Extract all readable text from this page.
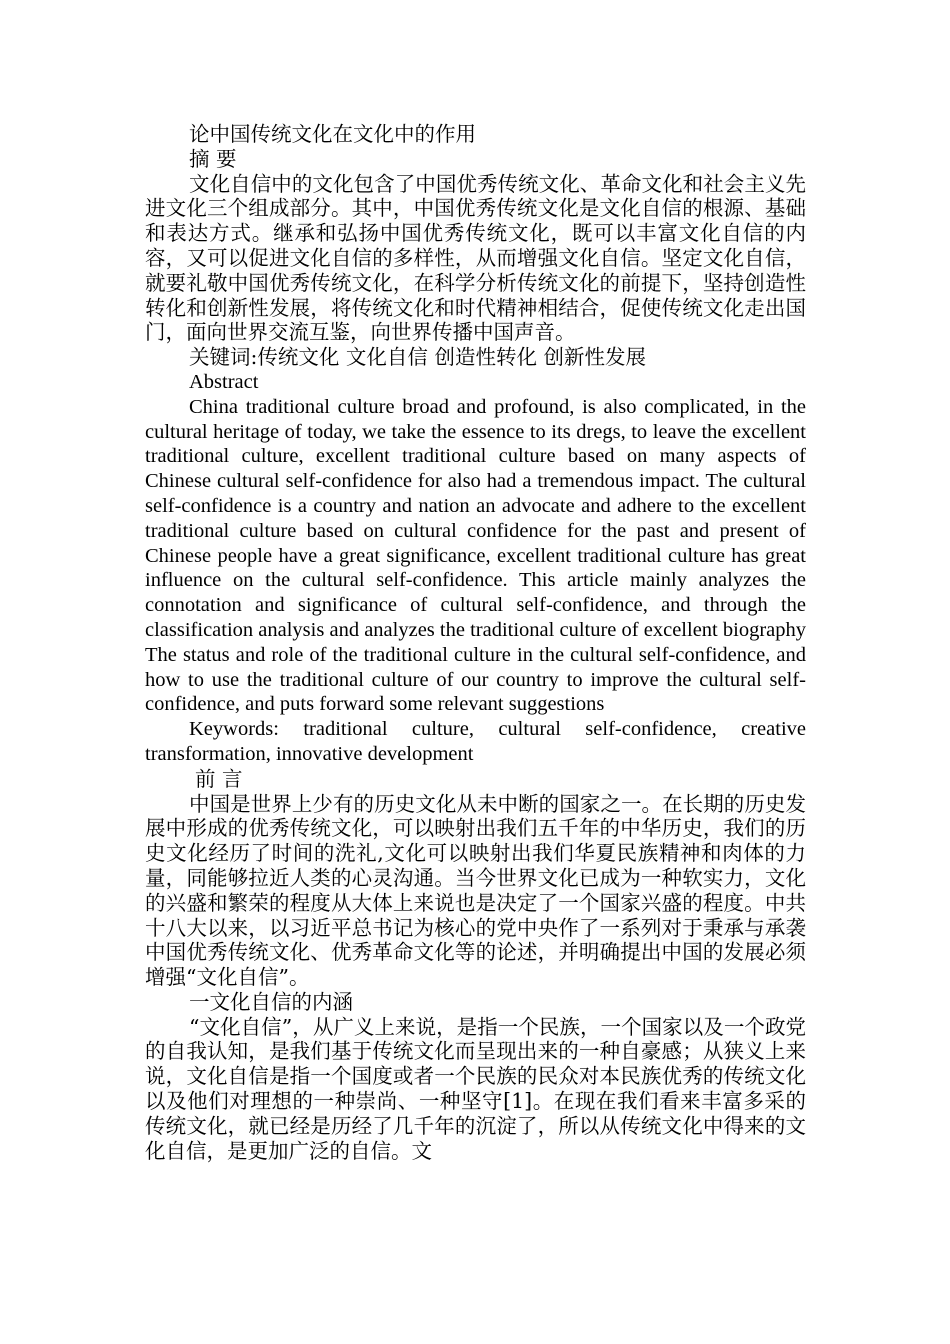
论中国传统文化在文化中的作用

摘 要

文化自信中的文化包含了中国优秀传统文化、革命文化和社会主义先进文化三个组成部分。其中，中国优秀传统文化是文化自信的根源、基础和表达方式。继承和弘扬中国优秀传统文化，既可以丰富文化自信的内容，又可以促进文化自信的多样性，从而增强文化自信。坚定文化自信，就要礼敬中国优秀传统文化，在科学分析传统文化的前提下，坚持创造性转化和创新性发展，将传统文化和时代精神相结合，促使传统文化走出国门，面向世界交流互鉴，向世界传播中国声音。

关键词:传统文化 文化自信 创造性转化 创新性发展

Abstract

China traditional culture broad and profound, is also complicated, in the cultural heritage of today, we take the essence to its dregs, to leave the excellent traditional culture, excellent traditional culture based on many aspects of Chinese cultural self-confidence for also had a tremendous impact. The cultural self-confidence is a country and nation an advocate and adhere to the excellent traditional culture based on cultural confidence for the past and present of Chinese people have a great significance, excellent traditional culture has great influence on the cultural self-confidence. This article mainly analyzes the connotation and significance of cultural self-confidence, and through the classification analysis and analyzes the traditional culture of excellent biography The status and role of the traditional culture in the cultural self-confidence, and how to use the traditional culture of our country to improve the cultural self-confidence, and puts forward some relevant suggestions

Keywords: traditional culture, cultural self-confidence, creative transformation, innovative development

前 言

中国是世界上少有的历史文化从未中断的国家之一。在长期的历史发展中形成的优秀传统文化，可以映射出我们五千年的中华历史，我们的历史文化经历了时间的洗礼,文化可以映射出我们华夏民族精神和肉体的力量，同能够拉近人类的心灵沟通。当今世界文化已成为一种软实力，文化的兴盛和繁荣的程度从大体上来说也是决定了一个国家兴盛的程度。中共十八大以来，以习近平总书记为核心的党中央作了一系列对于秉承与承袭中国优秀传统文化、优秀革命文化等的论述，并明确提出中国的发展必须增强“文化自信”。

一文化自信的内涵

“文化自信”，从广义上来说，是指一个民族，一个国家以及一个政党的自我认知，是我们基于传统文化而呈现出来的一种自豪感；从狭义上来说，文化自信是指一个国度或者一个民族的民众对本民族优秀的传统文化以及他们对理想的一种崇尚、一种坚守[1]。在现在我们看来丰富多采的传统文化，就已经是历经了几千年的沉淀了，所以从传统文化中得来的文化自信，是更加广泛的自信。文
